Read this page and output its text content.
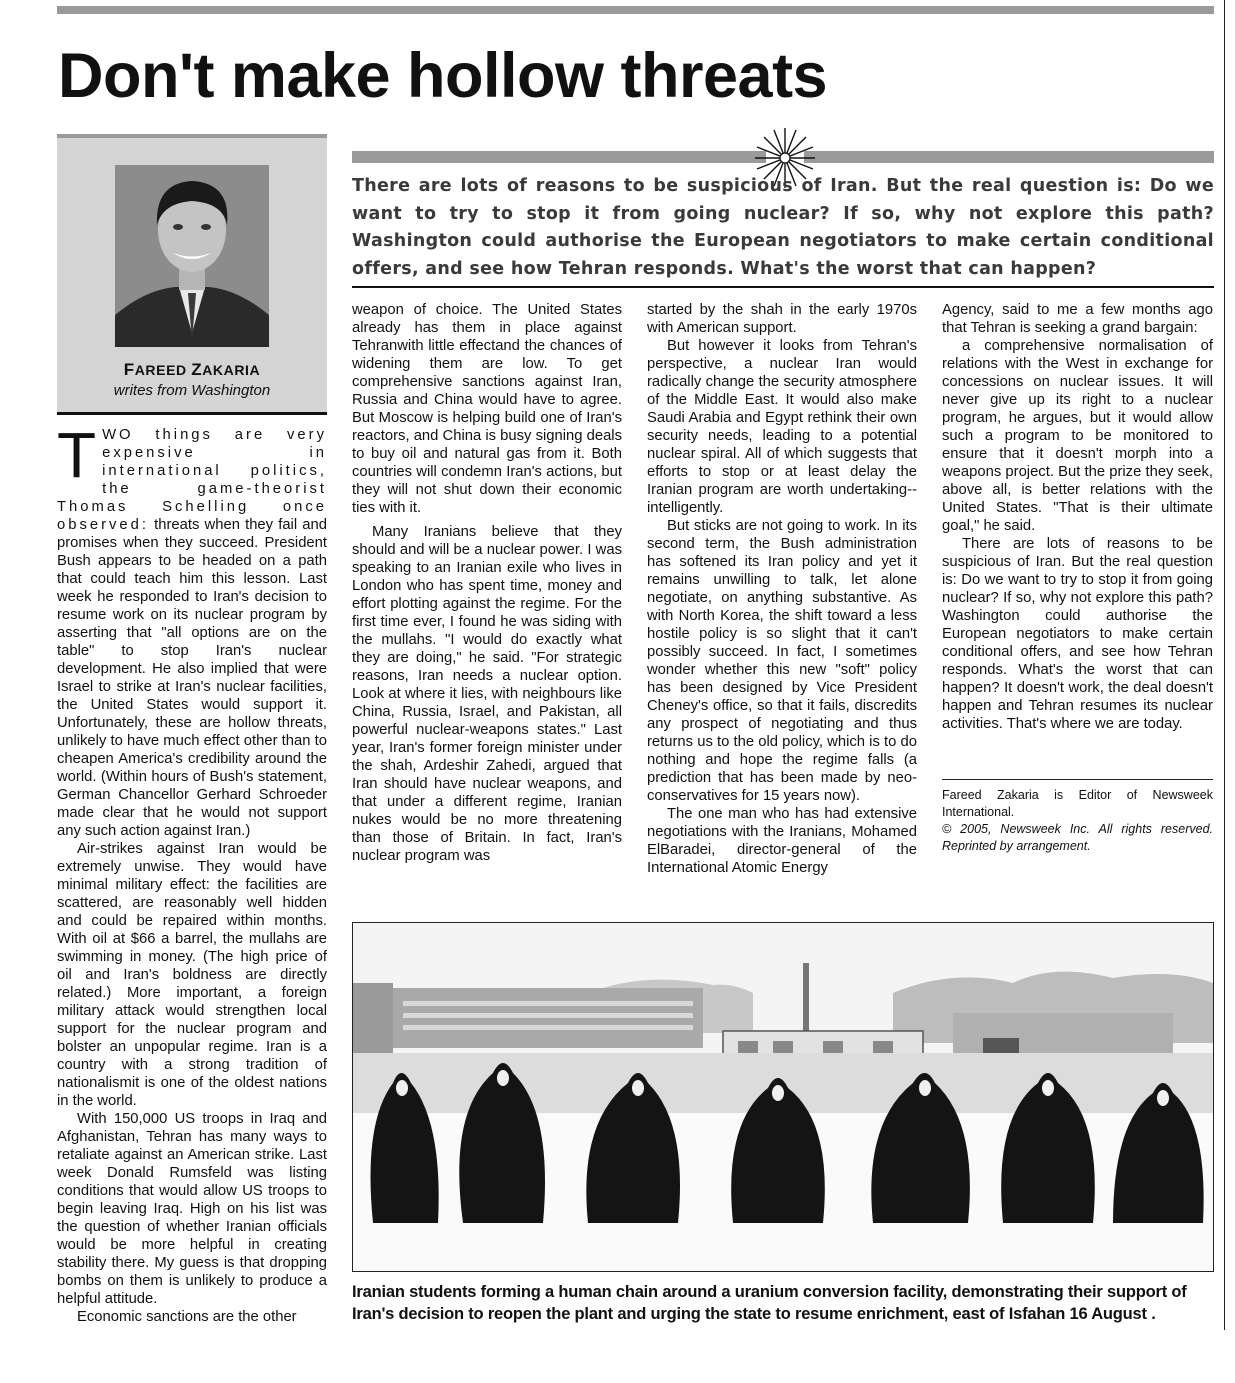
Don't make hollow threats
FAREED ZAKARIA
writes from Washington
There are lots of reasons to be suspicious of Iran. But the real question is: Do we want to try to stop it from going nuclear? If so, why not explore this path? Washington could authorise the European negotiators to make certain conditional offers, and see how Tehran responds. What's the worst that can happen?

TWO things are very expensive in international politics, the game-theorist Thomas Schelling once observed: threats when they fail and promises when they succeed. President Bush appears to be headed on a path that could teach him this lesson. Last week he responded to Iran's decision to resume work on its nuclear program by asserting that "all options are on the table" to stop Iran's nuclear development. He also implied that were Israel to strike at Iran's nuclear facilities, the United States would support it. Unfortunately, these are hollow threats, unlikely to have much effect other than to cheapen America's credibility around the world. (Within hours of Bush's statement, German Chancellor Gerhard Schroeder made clear that he would not support any such action against Iran.)

Air-strikes against Iran would be extremely unwise. They would have minimal military effect: the facilities are scattered, are reasonably well hidden and could be repaired within months. With oil at $66 a barrel, the mullahs are swimming in money. (The high price of oil and Iran's boldness are directly related.) More important, a foreign military attack would strengthen local support for the nuclear program and bolster an unpopular regime. Iran is a country with a strong tradition of nationalismit is one of the oldest nations in the world.

With 150,000 US troops in Iraq and Afghanistan, Tehran has many ways to retaliate against an American strike. Last week Donald Rumsfeld was listing conditions that would allow US troops to begin leaving Iraq. High on his list was the question of whether Iranian officials would be more helpful in creating stability there. My guess is that dropping bombs on them is unlikely to produce a helpful attitude.

Economic sanctions are the other

weapon of choice. The United States already has them in place against Tehranwith little effectand the chances of widening them are low. To get comprehensive sanctions against Iran, Russia and China would have to agree. But Moscow is helping build one of Iran's reactors, and China is busy signing deals to buy oil and natural gas from it. Both countries will condemn Iran's actions, but they will not shut down their economic ties with it.

Many Iranians believe that they should and will be a nuclear power. I was speaking to an Iranian exile who lives in London who has spent time, money and effort plotting against the regime. For the first time ever, I found he was siding with the mullahs. "I would do exactly what they are doing," he said. "For strategic reasons, Iran needs a nuclear option. Look at where it lies, with neighbours like China, Russia, Israel, and Pakistan, all powerful nuclear-weapons states." Last year, Iran's former foreign minister under the shah, Ardeshir Zahedi, argued that Iran should have nuclear weapons, and that under a different regime, Iranian nukes would be no more threatening than those of Britain. In fact, Iran's nuclear program was

started by the shah in the early 1970s with American support.

But however it looks from Tehran's perspective, a nuclear Iran would radically change the security atmosphere of the Middle East. It would also make Saudi Arabia and Egypt rethink their own security needs, leading to a potential nuclear spiral. All of which suggests that efforts to stop or at least delay the Iranian program are worth undertaking--intelligently.

But sticks are not going to work. In its second term, the Bush administration has softened its Iran policy and yet it remains unwilling to talk, let alone negotiate, on anything substantive. As with North Korea, the shift toward a less hostile policy is so slight that it can't possibly succeed. In fact, I sometimes wonder whether this new "soft" policy has been designed by Vice President Cheney's office, so that it fails, discredits any prospect of negotiating and thus returns us to the old policy, which is to do nothing and hope the regime falls (a prediction that has been made by neo-conservatives for 15 years now).

The one man who has had extensive negotiations with the Iranians, Mohamed ElBaradei, director-general of the International Atomic Energy

Agency, said to me a few months ago that Tehran is seeking a grand bargain:

a comprehensive normalisation of relations with the West in exchange for concessions on nuclear issues. It will never give up its right to a nuclear program, he argues, but it would allow such a program to be monitored to ensure that it doesn't morph into a weapons project. But the prize they seek, above all, is better relations with the United States. "That is their ultimate goal," he said.

There are lots of reasons to be suspicious of Iran. But the real question is: Do we want to try to stop it from going nuclear? If so, why not explore this path? Washington could authorise the European negotiators to make certain conditional offers, and see how Tehran responds. What's the worst that can happen? It doesn't work, the deal doesn't happen and Tehran resumes its nuclear activities. That's where we are today.

Fareed Zakaria is Editor of Newsweek International.
© 2005, Newsweek Inc. All rights reserved. Reprinted by arrangement.
Iranian students forming a human chain around a uranium conversion facility, demonstrating their support of Iran's decision to reopen the plant and urging the state to resume enrichment, east of Isfahan 16 August .
